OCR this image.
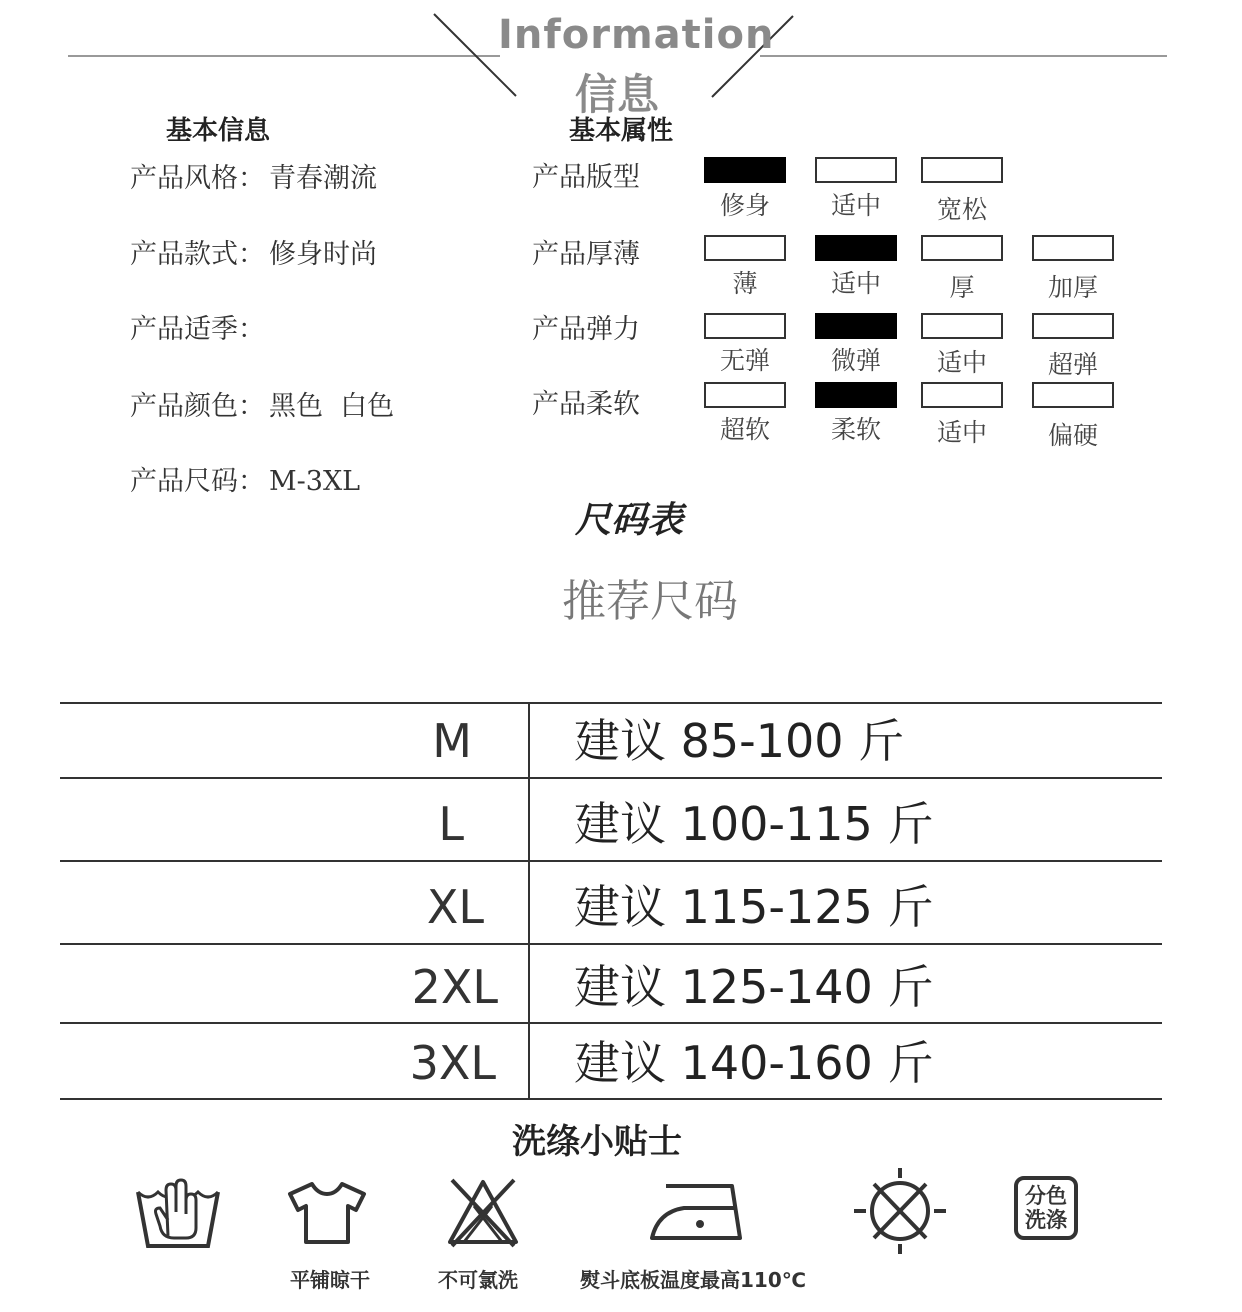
Information
信息
基本信息
产品风格： 青春潮流
产品款式： 修身时尚
产品适季：
产品颜色： 黑色  白色
产品尺码： M-3XL
基本属性
产品版型
修身	适中	宽松
产品厚薄
薄	适中	厚	加厚
产品弹力
无弹	微弹	适中	超弹
产品柔软
超软	柔软	适中	偏硬
尺码表
推荐尺码
M	建议 85-100 斤
L	建议 100-115 斤
XL	建议 115-125 斤
2XL	建议 125-140 斤
3XL	建议 140-160 斤
洗绦小贴士
平铺晾干	不可氯洗	熨斗底板温度最高110℃
分色洗涤
